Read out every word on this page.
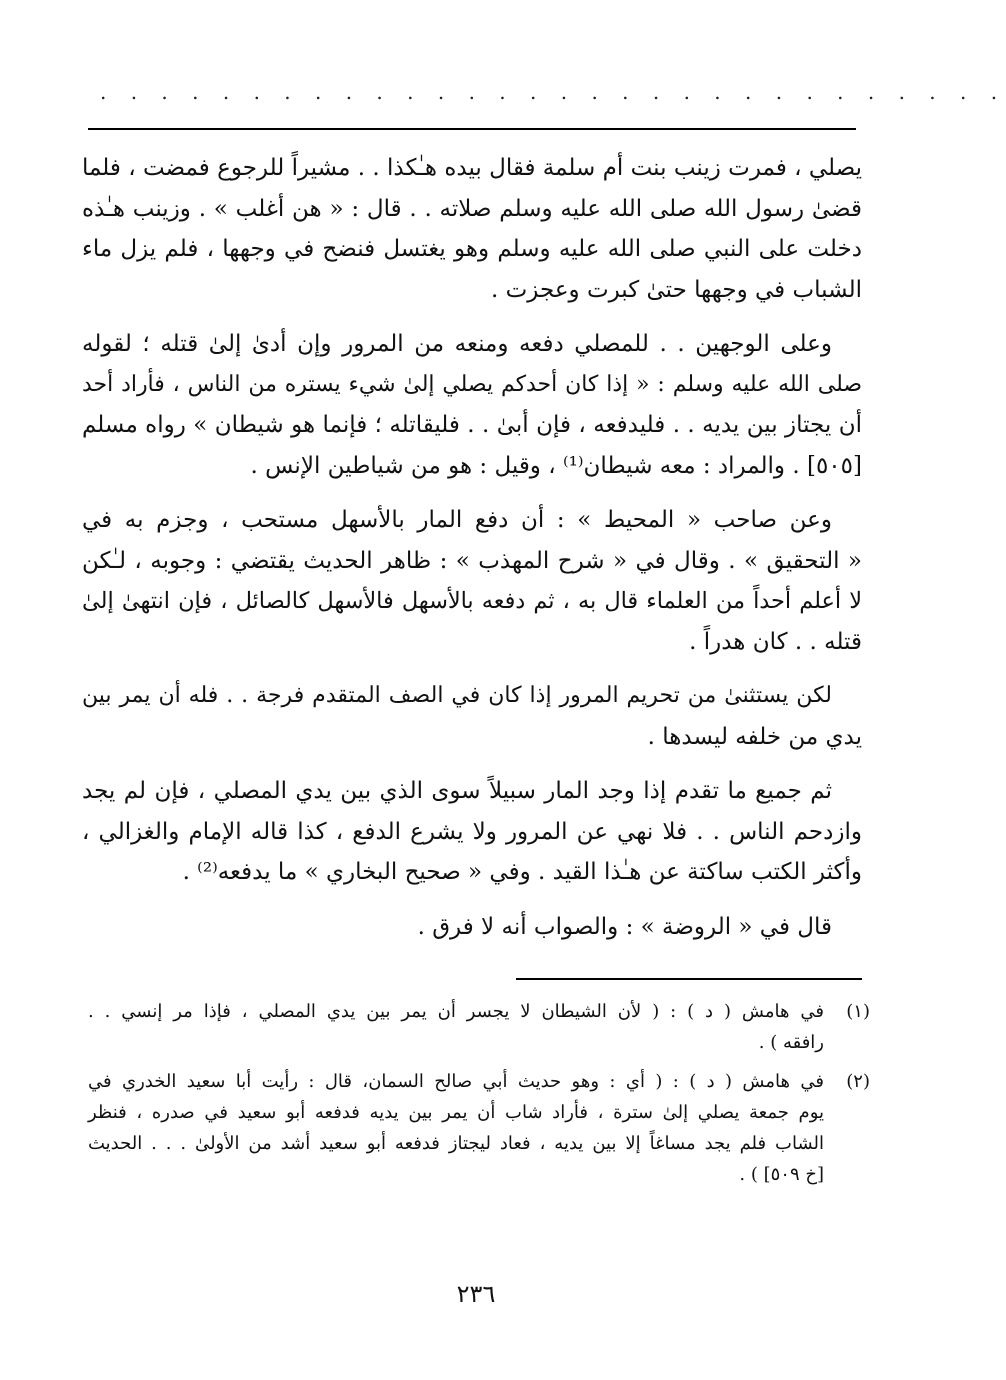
. . . . . . . . . . . . . . . . . . . . . . . . . . . . . .
يصلي ، فمرت زينب بنت أم سلمة فقال بيده هـٰكذا . . مشيراً للرجوع فمضت ، فلما
قضىٰ رسول الله صلى الله عليه وسلم صلاته . . قال : « هن أغلب » . وزينب هـٰذه
دخلت على النبي صلى الله عليه وسلم وهو يغتسل فنضح في وجهها ، فلم يزل ماء
الشباب في وجهها حتىٰ كبرت وعجزت .
وعلى الوجهين . . للمصلي دفعه ومنعه من المرور وإن أدىٰ إلىٰ قتله ؛ لقوله
صلى الله عليه وسلم : « إذا كان أحدكم يصلي إلىٰ شيء يستره من الناس ، فأراد أحد
أن يجتاز بين يديه . . فليدفعه ، فإن أبىٰ . . فليقاتله ؛ فإنما هو شيطان » رواه مسلم
[٥٠٥] . والمراد : معه شيطان⁽¹⁾ ، وقيل : هو من شياطين الإنس .
وعن صاحب « المحيط » : أن دفع المار بالأسهل مستحب ، وجزم به في
« التحقيق » . وقال في « شرح المهذب » : ظاهر الحديث يقتضي : وجوبه ، لـٰكن
لا أعلم أحداً من العلماء قال به ، ثم دفعه بالأسهل فالأسهل كالصائل ، فإن انتهىٰ إلىٰ
قتله . . كان هدراً .
لكن يستثنىٰ من تحريم المرور إذا كان في الصف المتقدم فرجة . . فله أن يمر بين
يدي من خلفه ليسدها .
ثم جميع ما تقدم إذا وجد المار سبيلاً سوى الذي بين يدي المصلي ، فإن لم يجد
وازدحم الناس . . فلا نهي عن المرور ولا يشرع الدفع ، كذا قاله الإمام والغزالي ،
وأكثر الكتب ساكتة عن هـٰذا القيد . وفي « صحيح البخاري » ما يدفعه⁽²⁾ .
قال في « الروضة » : والصواب أنه لا فرق .
(١)
في هامش ( د ) : ( لأن الشيطان لا يجسر أن يمر بين يدي المصلي ، فإذا مر إنسي . .
رافقه ) .
(٢)
في هامش ( د ) : ( أي : وهو حديث أبي صالح السمان، قال : رأيت أبا سعيد الخدري في
يوم جمعة يصلي إلىٰ سترة ، فأراد شاب أن يمر بين يديه فدفعه أبو سعيد في صدره ، فنظر
الشاب فلم يجد مساغاً إلا بين يديه ، فعاد ليجتاز فدفعه أبو سعيد أشد من الأولىٰ . . . الحديث
[خ ٥٠٩] ) .
٢٣٦
